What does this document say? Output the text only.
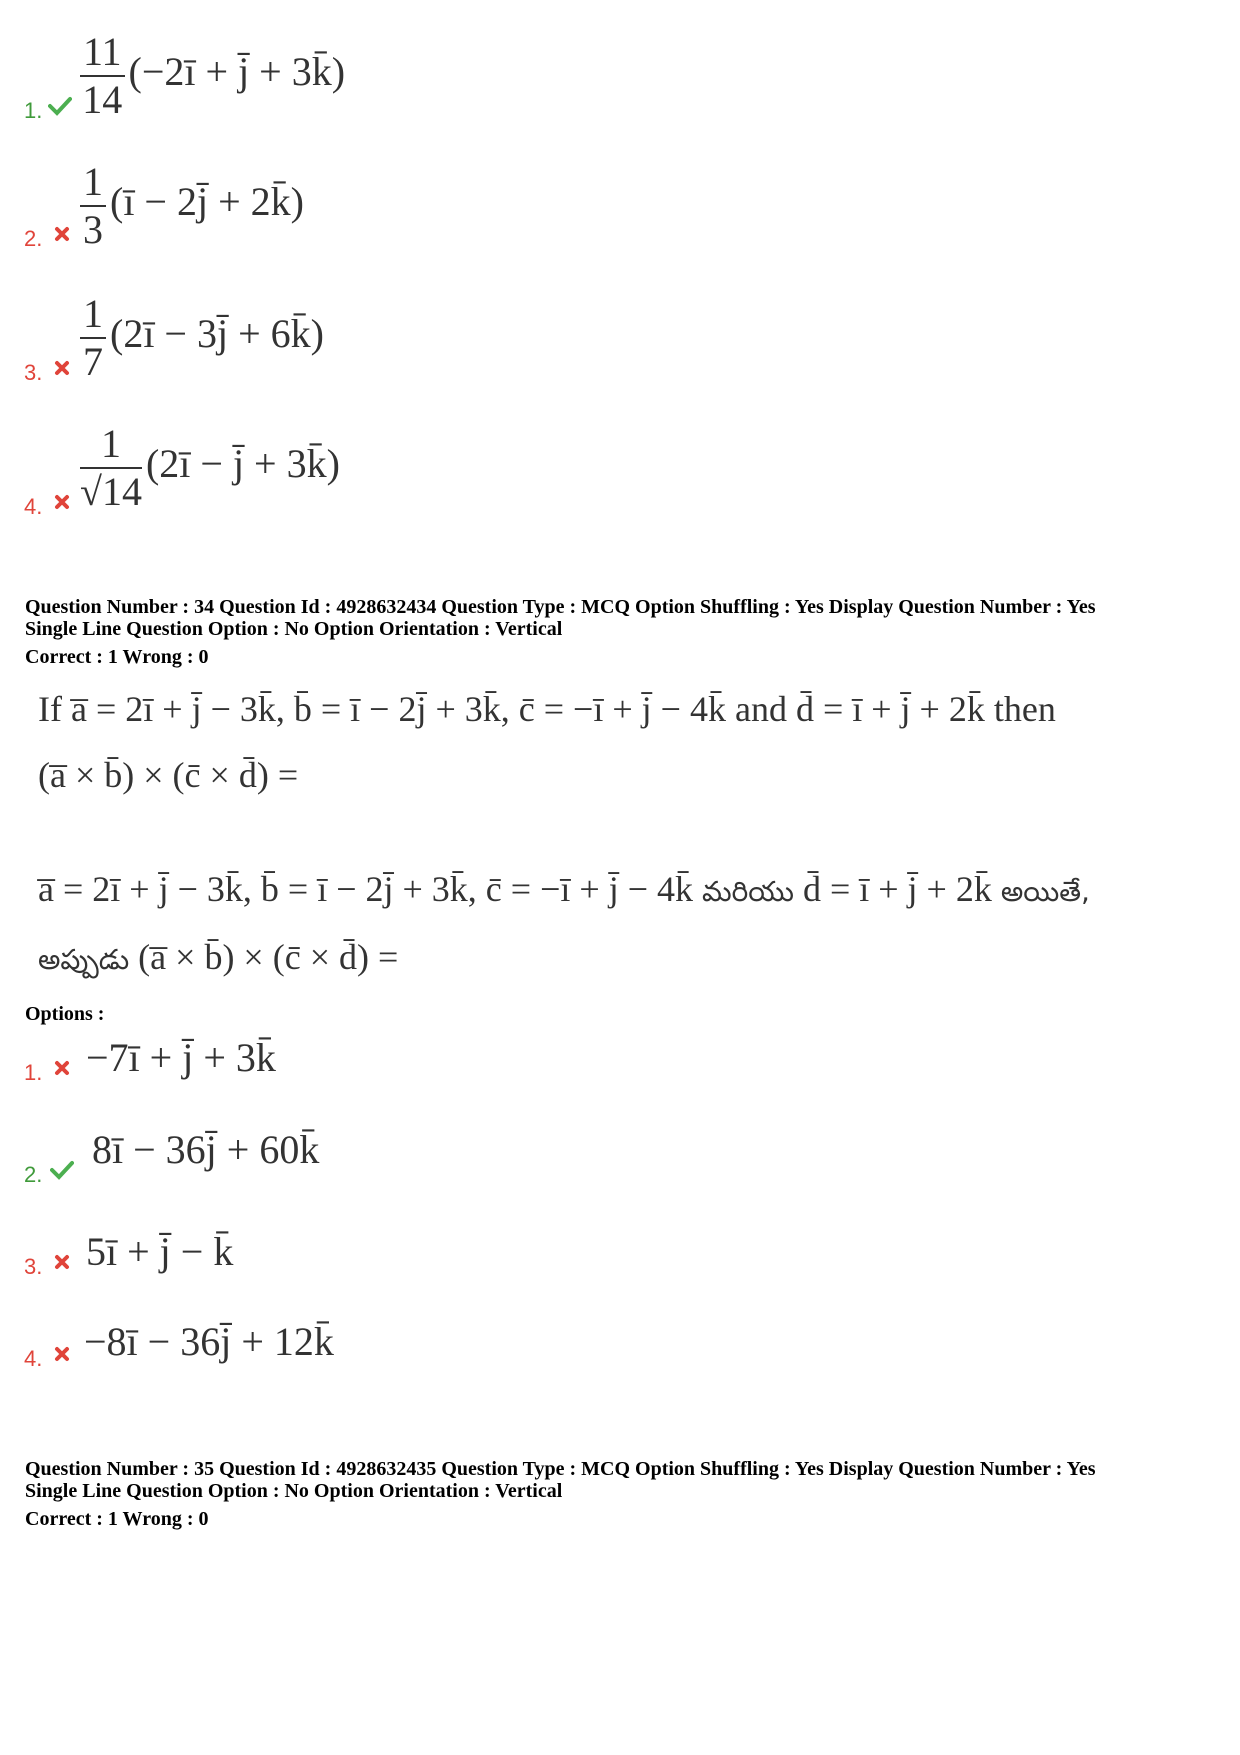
1. $\frac{11}{14}$ (−2ī + j̄ + 3k̄)
2. $\frac{1}{3}$ (ī − 2j̄ + 2k̄)
3. $\frac{1}{7}$ (2ī − 3j̄ + 6k̄)
4. $\frac{1}{√14}$ (2ī − j̄ + 3k̄)
Question Number : 34 Question Id : 4928632434 Question Type : MCQ Option Shuffling : Yes Display Question Number : Yes
Single Line Question Option : No Option Orientation : Vertical
Correct : 1 Wrong : 0
If a̅ = 2ī + j̄ − 3k̄, b̄ = ī − 2j̄ + 3k̄, c̄ = −ī + j̄ − 4k̄ and d̄ = ī + j̄ + 2k̄ then
(a̅ × b̄) × (c̄ × d̄) =
a̅ = 2ī + j̄ − 3k̄, b̄ = ī − 2j̄ + 3k̄, c̄ = −ī + j̄ − 4k̄ మరియు d̄ = ī + j̄ + 2k̄ అయితే,
అప్పుడు (a̅ × b̄) × (c̄ × d̄) =
Options :
1. −7ī + j̄ + 3k̄
2.
8ī − 36j̄ + 60k̄
3. 5ī + j̄ − k̄
4. −8ī − 36j̄ + 12k̄
Question Number : 35 Question Id : 4928632435 Question Type : MCQ Option Shuffling : Yes Display Question Number : Yes
Single Line Question Option : No Option Orientation : Vertical
Correct : 1 Wrong : 0
